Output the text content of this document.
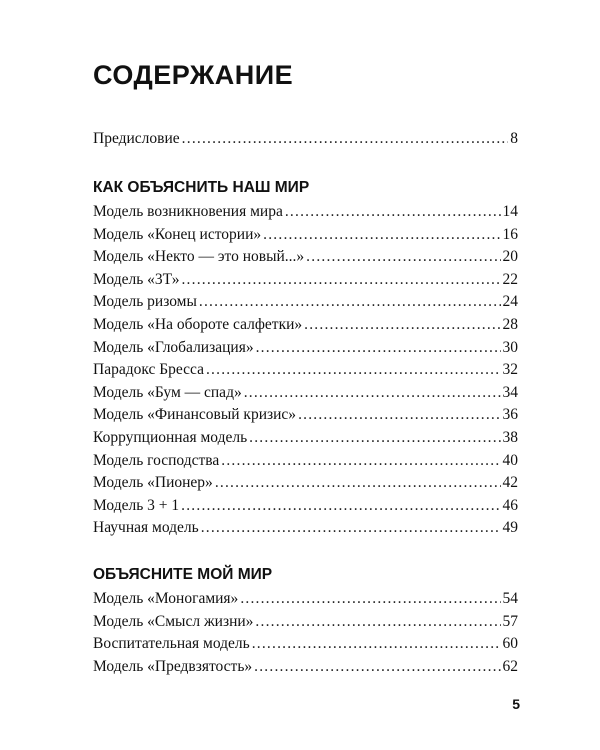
СОДЕРЖАНИЕ
Предисловие .....	8
КАК ОБЪЯСНИТЬ НАШ МИР
Модель возникновения мира .....	14
Модель «Конец истории» .....	16
Модель «Некто — это новый...» .....	20
Модель «3Т» .....	22
Модель ризомы .....	24
Модель «На обороте салфетки» .....	28
Модель «Глобализация» .....	30
Парадокс Бресса .....	32
Модель «Бум — спад» .....	34
Модель «Финансовый кризис» .....	36
Коррупционная модель .....	38
Модель господства .....	40
Модель «Пионер» .....	42
Модель 3 + 1 .....	46
Научная модель .....	49
ОБЪЯСНИТЕ МОЙ МИР
Модель «Моногамия» .....	54
Модель «Смысл жизни» .....	57
Воспитательная модель .....	60
Модель «Предвзятость» .....	62
5
